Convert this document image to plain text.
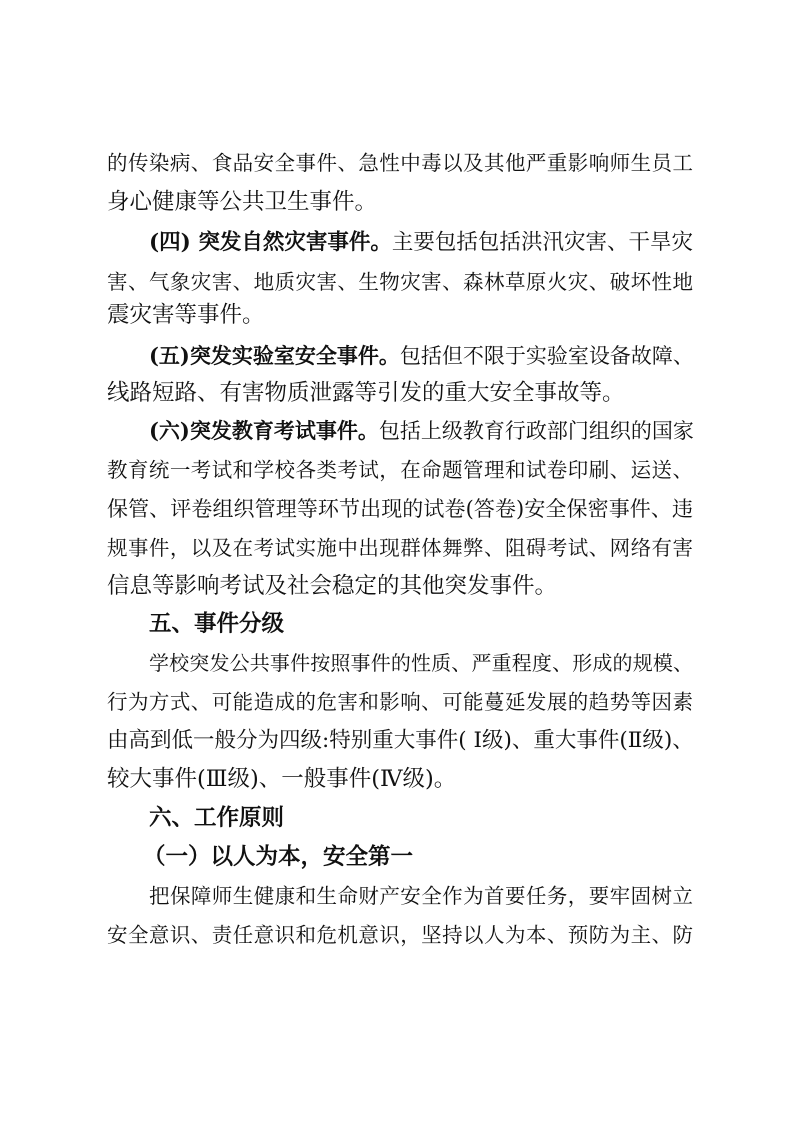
的传染病、食品安全事件、急性中毒以及其他严重影响师生员工
身心健康等公共卫生事件。
(四) 突发自然灾害事件。主要包括包括洪汛灾害、干旱灾
害、气象灾害、地质灾害、生物灾害、森林草原火灾、破坏性地
震灾害等事件。
(五)突发实验室安全事件。包括但不限于实验室设备故障、
线路短路、有害物质泄露等引发的重大安全事故等。
(六)突发教育考试事件。包括上级教育行政部门组织的国家
教育统一考试和学校各类考试，在命题管理和试卷印刷、运送、
保管、评卷组织管理等环节出现的试卷(答卷)安全保密事件、违
规事件，以及在考试实施中出现群体舞弊、阻碍考试、网络有害
信息等影响考试及社会稳定的其他突发事件。
五、事件分级
学校突发公共事件按照事件的性质、严重程度、形成的规模、
行为方式、可能造成的危害和影响、可能蔓延发展的趋势等因素
由高到低一般分为四级:特别重大事件( Ⅰ级)、重大事件(Ⅱ级)、
较大事件(Ⅲ级)、一般事件(Ⅳ级)。
六、工作原则
（一）以人为本，安全第一
把保障师生健康和生命财产安全作为首要任务，要牢固树立
安全意识、责任意识和危机意识，坚持以人为本、预防为主、防
